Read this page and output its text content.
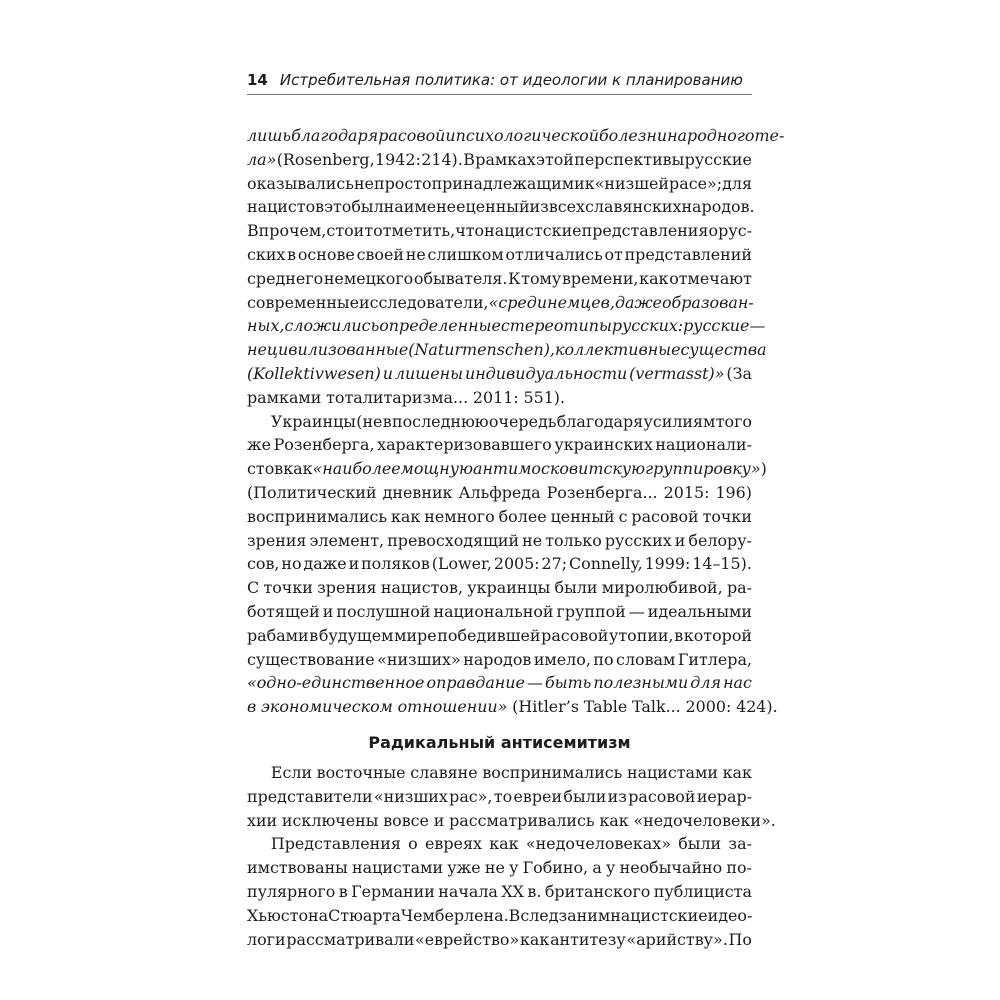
14 Истребительная политика: от идеологии к планированию
лишь благодаря расовой и психологической болезни народного те-
ла» (Rosenberg, 1942: 214). В рамках этой перспективы русские
оказывались не просто принадлежащими к «низшей расе»; для
нацистов это был наименее ценный из всех славянских народов.
Впрочем, стоит отметить, что нацистские представления о рус-
ских в основе своей не слишком отличались от представлений
среднего немецкого обывателя. К тому времени, как отмечают
современные исследователи, «среди немцев, даже образован-
ных, сложились определенные стереотипы русских: русские —
нецивилизованные (Naturmenschen), коллективные существа
(Kollektivwesen) и лишены индивидуальности (vermasst)» (За
рамками тоталитаризма... 2011: 551).
Украинцы (не в последнюю очередь благодаря усилиям того
же Розенберга, характеризовавшего украинских национали-
стов как «наиболее мощную антимосковитскую группировку» )
(Политический дневник Альфреда Розенберга... 2015: 196)
воспринимались как немного более ценный с расовой точки
зрения элемент, превосходящий не только русских и белору-
сов, но даже и поляков (Lower, 2005: 27; Connelly, 1999: 14–15).
С точки зрения нацистов, украинцы были миролюбивой, ра-
ботящей и послушной национальной группой — идеальными
рабами в будущем мире победившей расовой утопии, в которой
существование «низших» народов имело, по словам Гитлера,
«одно-единственное оправдание — быть полезными для нас
в экономическом отношении» (Hitler’s Table Talk... 2000: 424).
Радикальный антисемитизм
Если восточные славяне воспринимались нацистами как
представители «низших рас», то евреи были из расовой иерар-
хии исключены вовсе и рассматривались как «недочеловеки».
Представления о евреях как «недочеловеках» были за-
имствованы нацистами уже не у Гобино, а у необычайно по-
пулярного в Германии начала XX в. британского публициста
Хьюстона Стюарта Чемберлена. Вслед за ним нацистские идео-
логи рассматривали «еврейство» как антитезу «арийству». По
